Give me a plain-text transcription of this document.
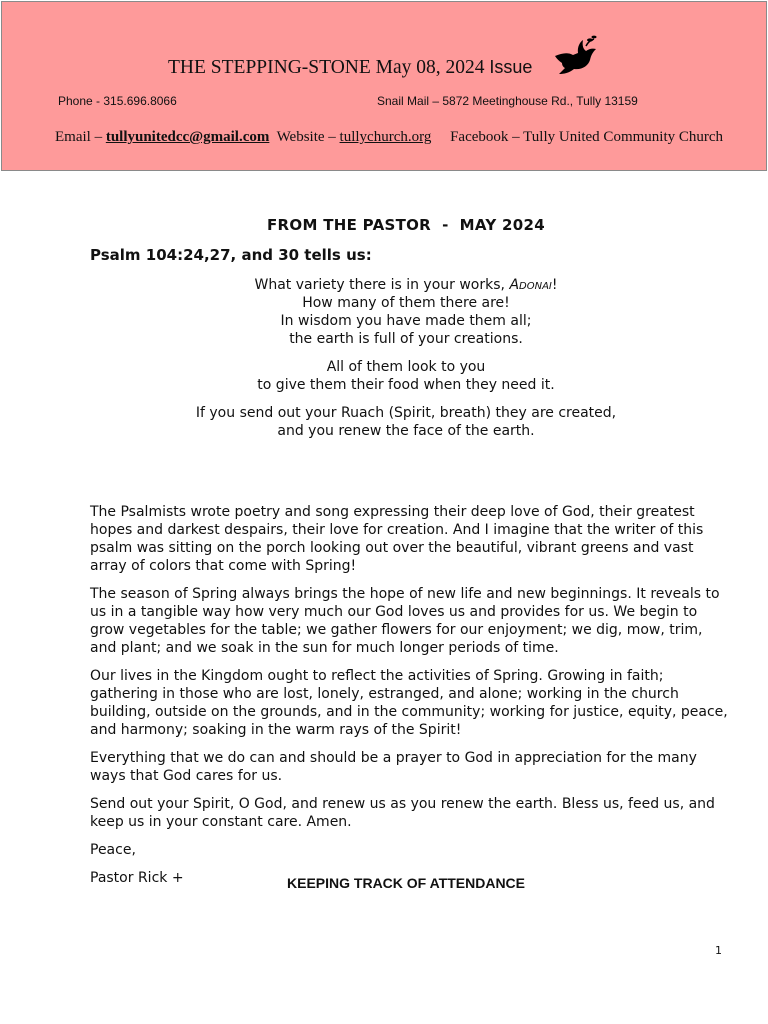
THE STEPPING-STONE May 08, 2024 Issue
Phone - 315.696.8066	Snail Mail – 5872 Meetinghouse Rd., Tully 13159
Email – tullyunitedcc@gmail.com Website – tullychurch.org Facebook – Tully United Community Church
FROM THE PASTOR  -  MAY 2024
Psalm 104:24,27, and 30 tells us:
What variety there is in your works, Adonai!
How many of them there are!
In wisdom you have made them all;
the earth is full of your creations.
All of them look to you
to give them their food when they need it.
If you send out your Ruach (Spirit, breath) they are created,
and you renew the face of the earth.

The Psalmists wrote poetry and song expressing their deep love of God, their greatest hopes and darkest despairs, their love for creation. And I imagine that the writer of this psalm was sitting on the porch looking out over the beautiful, vibrant greens and vast array of colors that come with Spring!

The season of Spring always brings the hope of new life and new beginnings. It reveals to us in a tangible way how very much our God loves us and provides for us. We begin to grow vegetables for the table; we gather flowers for our enjoyment; we dig, mow, trim, and plant; and we soak in the sun for much longer periods of time.

Our lives in the Kingdom ought to reflect the activities of Spring. Growing in faith; gathering in those who are lost, lonely, estranged, and alone; working in the church building, outside on the grounds, and in the community; working for justice, equity, peace, and harmony; soaking in the warm rays of the Spirit!

Everything that we do can and should be a prayer to God in appreciation for the many ways that God cares for us.

Send out your Spirit, O God, and renew us as you renew the earth. Bless us, feed us, and keep us in your constant care. Amen.

Peace,

Pastor Rick +	KEEPING TRACK OF ATTENDANCE
1
